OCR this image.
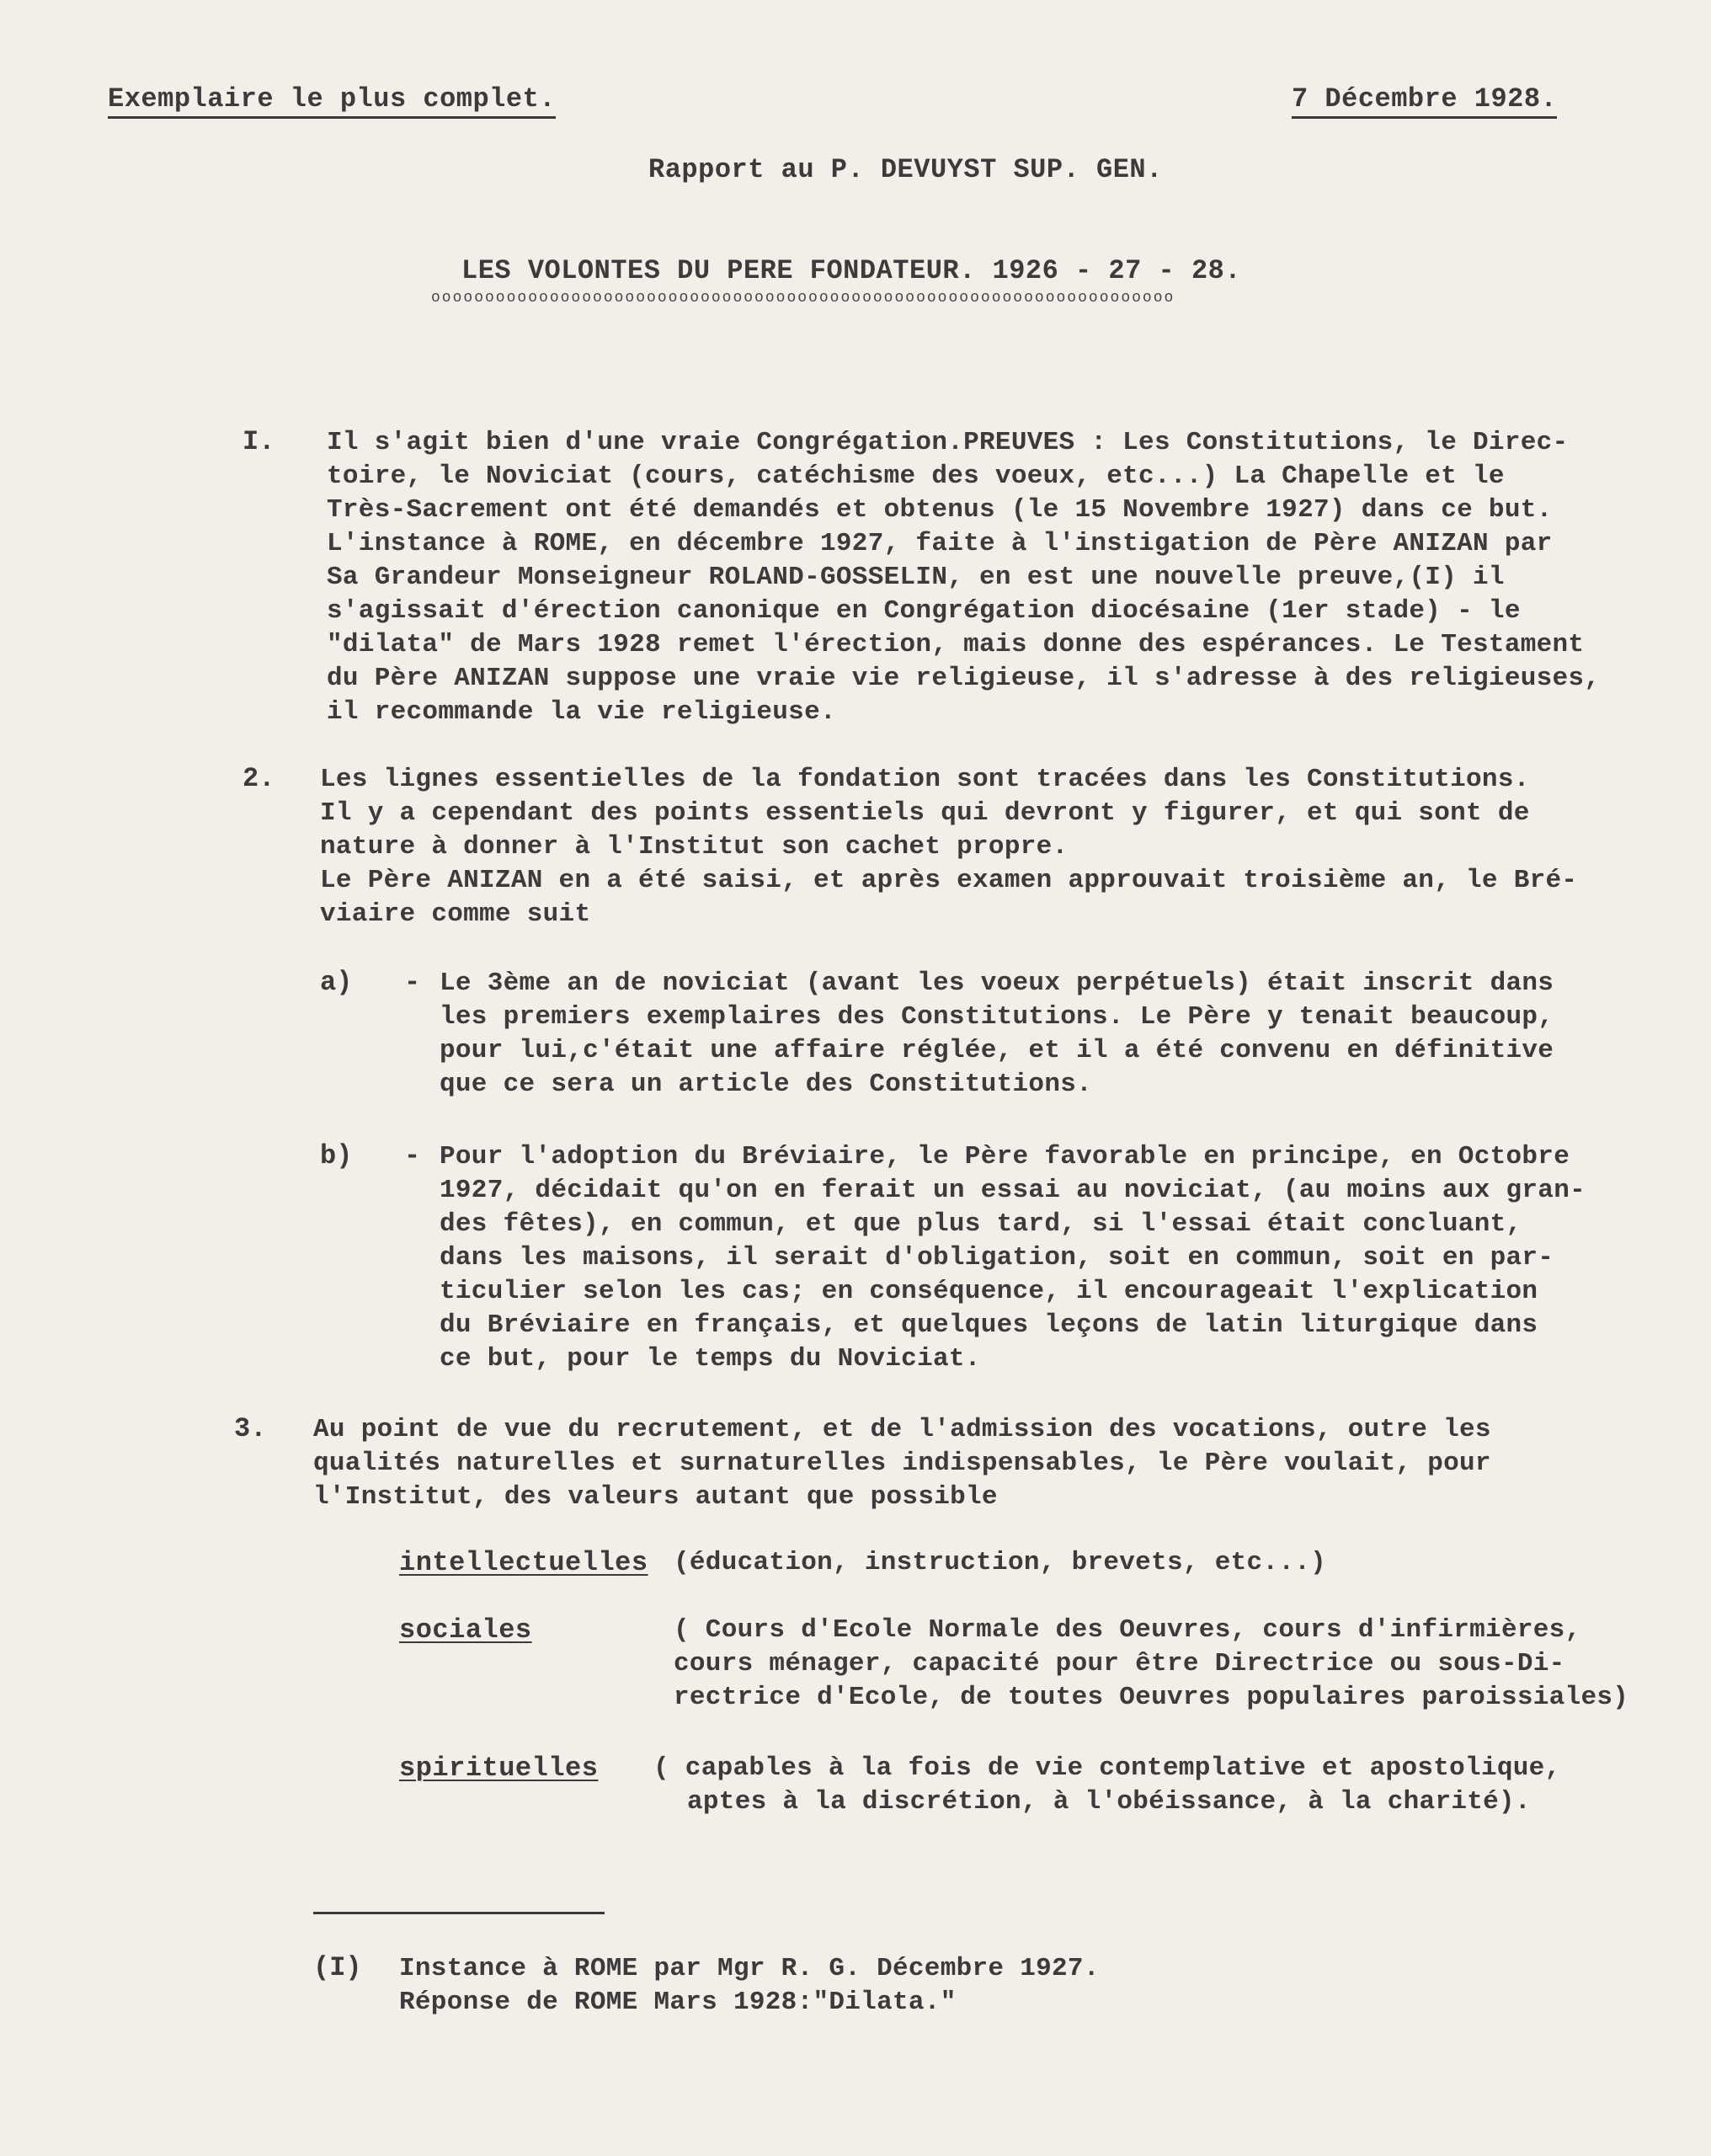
Exemplaire le plus complet.	7 Décembre 1928.
Rapport au P. DEVUYST SUP. GEN.
LES VOLONTES DU PERE FONDATEUR. 1926 - 27 - 28.
ooooooooooooooooooooooooooooooooooooooooooooooooooooooooooooooooooooo
I. Il s'agit bien d'une vraie Congrégation.PREUVES : Les Constitutions, le Direc-
toire, le Noviciat (cours, catéchisme des voeux, etc...) La Chapelle et le
Très-Sacrement ont été demandés et obtenus (le 15 Novembre 1927) dans ce but.
L'instance à ROME, en décembre 1927, faite à l'instigation de Père ANIZAN par
Sa Grandeur Monseigneur ROLAND-GOSSELIN, en est une nouvelle preuve,(I) il
s'agissait d'érection canonique en Congrégation diocésaine (1er stade) - le
"dilata" de Mars 1928 remet l'érection, mais donne des espérances. Le Testament
du Père ANIZAN suppose une vraie vie religieuse, il s'adresse à des religieuses,
il recommande la vie religieuse.
2. Les lignes essentielles de la fondation sont tracées dans les Constitutions.
Il y a cependant des points essentiels qui devront y figurer, et qui sont de
nature à donner à l'Institut son cachet propre.
Le Père ANIZAN en a été saisi, et après examen approuvait troisième an, le Bré-
viaire comme suit
a) - Le 3ème an de noviciat (avant les voeux perpétuels) était inscrit dans
les premiers exemplaires des Constitutions. Le Père y tenait beaucoup,
pour lui,c'était une affaire réglée, et il a été convenu en définitive
que ce sera un article des Constitutions.
b) - Pour l'adoption du Bréviaire, le Père favorable en principe, en Octobre
1927, décidait qu'on en ferait un essai au noviciat, (au moins aux gran-
des fêtes), en commun, et que plus tard, si l'essai était concluant,
dans les maisons, il serait d'obligation, soit en commun, soit en par-
ticulier selon les cas; en conséquence, il encourageait l'explication
du Bréviaire en français, et quelques leçons de latin liturgique dans
ce but, pour le temps du Noviciat.
3. Au point de vue du recrutement, et de l'admission des vocations, outre les
qualités naturelles et surnaturelles indispensables, le Père voulait, pour
l'Institut, des valeurs autant que possible
intellectuelles (éducation, instruction, brevets, etc...)
sociales	( Cours d'Ecole Normale des Oeuvres, cours d'infirmières,
cours ménager, capacité pour être Directrice ou sous-Di-
rectrice d'Ecole, de toutes Oeuvres populaires paroissiales)
spirituelles ( capables à la fois de vie contemplative et apostolique,
aptes à la discrétion, à l'obéissance, à la charité).
(I) Instance à ROME par Mgr R. G. Décembre 1927.
Réponse de ROME Mars 1928:"Dilata."
